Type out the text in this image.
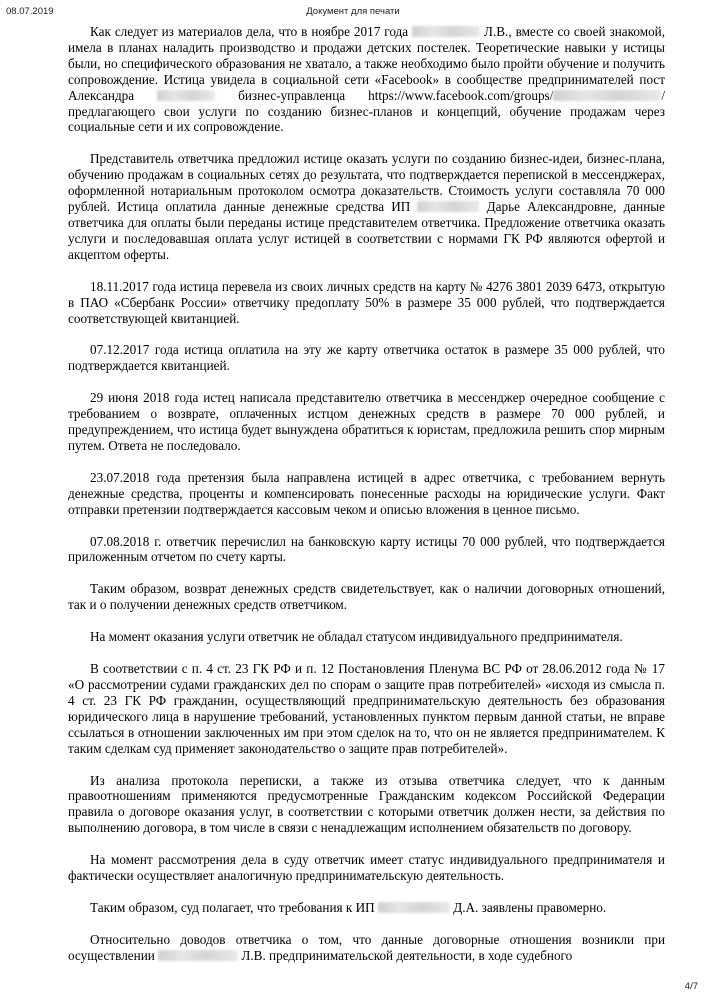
08.07.2019	Документ для печати

Как следует из материалов дела, что в ноябре 2017 года	Л.В., вместе со своей знакомой, имела в планах наладить производство и продажи детских постелек. Теоретические навыки у истицы были, но специфического образования не хватало, а также необходимо было пройти обучение и получить сопровождение. Истица увидела в социальной сети «Facebook» в сообществе предпринимателей пост Александра	бизнес-управленца https://www.facebook.com/groups/	/ предлагающего свои услуги по созданию бизнес-планов и концепций, обучение продажам через социальные сети и их сопровождение.

Представитель ответчика предложил истице оказать услуги по созданию бизнес-идеи, бизнес-плана, обучению продажам в социальных сетях до результата, что подтверждается перепиской в мессенджерах, оформленной нотариальным протоколом осмотра доказательств. Стоимость услуги составляла 70 000 рублей. Истица оплатила данные денежные средства ИП	Дарье Александровне, данные ответчика для оплаты были переданы истице представителем ответчика. Предложение ответчика оказать услуги и последовавшая оплата услуг истицей в соответствии с нормами ГК РФ являются офертой и акцептом оферты.

18.11.2017 года истица перевела из своих личных средств на карту № 4276 3801 2039 6473, открытую в ПАО «Сбербанк России» ответчику предоплату 50% в размере 35 000 рублей, что подтверждается соответствующей квитанцией.

07.12.2017 года истица оплатила на эту же карту ответчика остаток в размере 35 000 рублей, что подтверждается квитанцией.

29 июня 2018 года истец написала представителю ответчика в мессенджер очередное сообщение с требованием о возврате, оплаченных истцом денежных средств в размере 70 000 рублей, и предупреждением, что истица будет вынуждена обратиться к юристам, предложила решить спор мирным путем. Ответа не последовало.

23.07.2018 года претензия была направлена истицей в адрес ответчика, с требованием вернуть денежные средства, проценты и компенсировать понесенные расходы на юридические услуги. Факт отправки претензии подтверждается кассовым чеком и описью вложения в ценное письмо.

07.08.2018 г. ответчик перечислил на банковскую карту истицы 70 000 рублей, что подтверждается приложенным отчетом по счету карты.

Таким образом, возврат денежных средств свидетельствует, как о наличии договорных отношений, так и о получении денежных средств ответчиком.

На момент оказания услуги ответчик не обладал статусом индивидуального предпринимателя.

В соответствии с п. 4 ст. 23 ГК РФ и п. 12 Постановления Пленума ВС РФ от 28.06.2012 года № 17 «О рассмотрении судами гражданских дел по спорам о защите прав потребителей» «исходя из смысла п. 4 ст. 23 ГК РФ гражданин, осуществляющий предпринимательскую деятельность без образования юридического лица в нарушение требований, установленных пунктом первым данной статьи, не вправе ссылаться в отношении заключенных им при этом сделок на то, что он не является предпринимателем. К таким сделкам суд применяет законодательство о защите прав потребителей».

Из анализа протокола переписки, а также из отзыва ответчика следует, что к данным правоотношениям применяются предусмотренные Гражданским кодексом Российской Федерации правила о договоре оказания услуг, в соответствии с которыми ответчик должен нести, за действия по выполнению договора, в том числе в связи с ненадлежащим исполнением обязательств по договору.

На момент рассмотрения дела в суду ответчик имеет статус индивидуального предпринимателя и фактически осуществляет аналогичную предпринимательскую деятельность.

Таким образом, суд полагает, что требования к ИП	Д.А. заявлены правомерно.

Относительно доводов ответчика о том, что данные договорные отношения возникли при осуществлении	Л.В. предпринимательской деятельности, в ходе судебного

4/7
